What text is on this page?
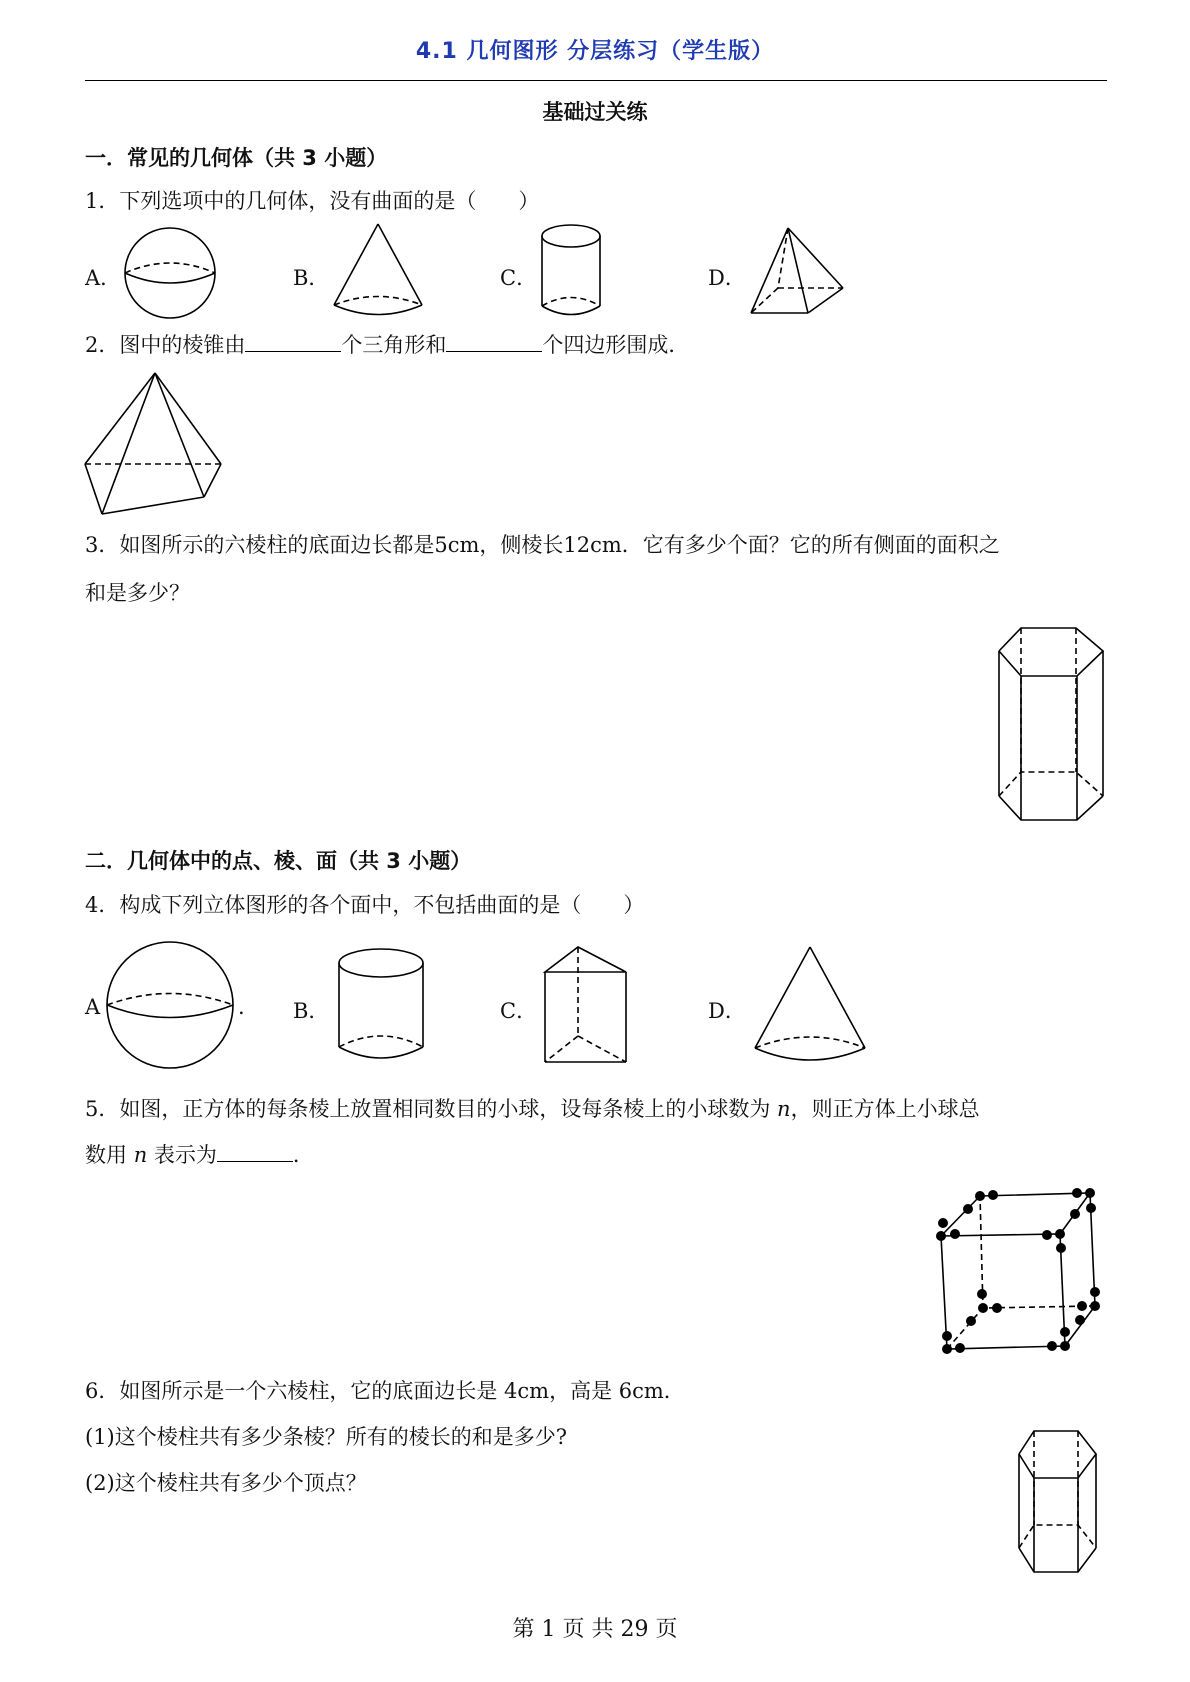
4.1 几何图形 分层练习（学生版）
基础过关练
一．常见的几何体（共 3 小题）
1．下列选项中的几何体，没有曲面的是（　　）
A．	B．	C．	D．
2．图中的棱锥由	个三角形和	个四边形围成．
3．如图所示的六棱柱的底面边长都是5cm，侧棱长12cm．它有多少个面？它的所有侧面的面积之
和是多少？
二．几何体中的点、棱、面（共 3 小题）
4．构成下列立体图形的各个面中，不包括曲面的是（　　）
A	. B．	C．	D．
5．如图，正方体的每条棱上放置相同数目的小球，设每条棱上的小球数为 n，则正方体上小球总
数用 n 表示为	．
6．如图所示是一个六棱柱，它的底面边长是 4cm，高是 6cm．
(1)这个棱柱共有多少条棱？所有的棱长的和是多少?
(2)这个棱柱共有多少个顶点？
第 1 页 共 29 页
